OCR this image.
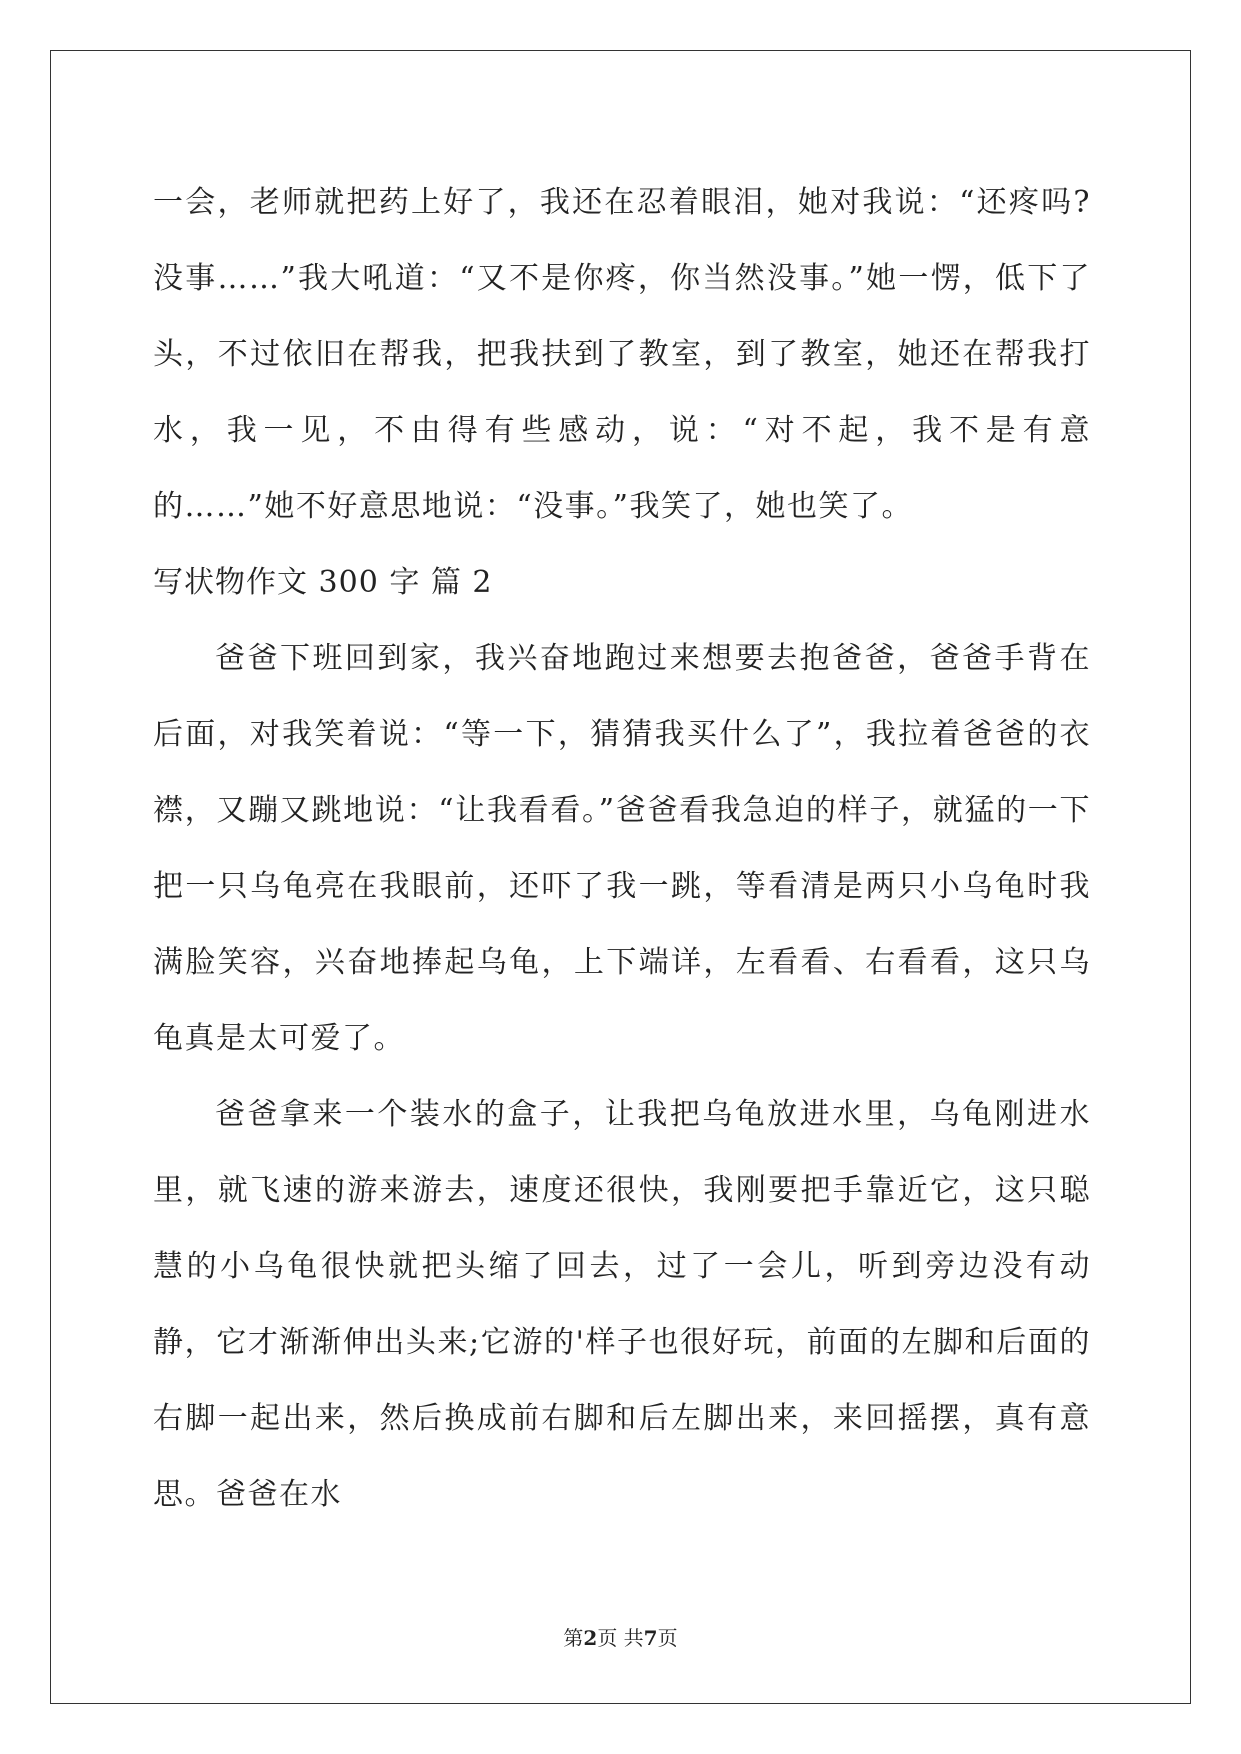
一会，老师就把药上好了，我还在忍着眼泪，她对我说：“还疼吗?没事……”我大吼道：“又不是你疼，你当然没事。”她一愣，低下了头，不过依旧在帮我，把我扶到了教室，到了教室，她还在帮我打水，我一见，不由得有些感动，说：“对不起，我不是有意的……”她不好意思地说：“没事。”我笑了，她也笑了。

写状物作文 300 字 篇 2

爸爸下班回到家，我兴奋地跑过来想要去抱爸爸，爸爸手背在后面，对我笑着说：“等一下，猜猜我买什么了”，我拉着爸爸的衣襟，又蹦又跳地说：“让我看看。”爸爸看我急迫的样子，就猛的一下把一只乌龟亮在我眼前，还吓了我一跳，等看清是两只小乌龟时我满脸笑容，兴奋地捧起乌龟，上下端详，左看看、右看看，这只乌龟真是太可爱了。

爸爸拿来一个装水的盒子，让我把乌龟放进水里，乌龟刚进水里，就飞速的游来游去，速度还很快，我刚要把手靠近它，这只聪慧的小乌龟很快就把头缩了回去，过了一会儿，听到旁边没有动静，它才渐渐伸出头来;它游的'样子也很好玩，前面的左脚和后面的右脚一起出来，然后换成前右脚和后左脚出来，来回摇摆，真有意思。爸爸在水

第2页 共7页
